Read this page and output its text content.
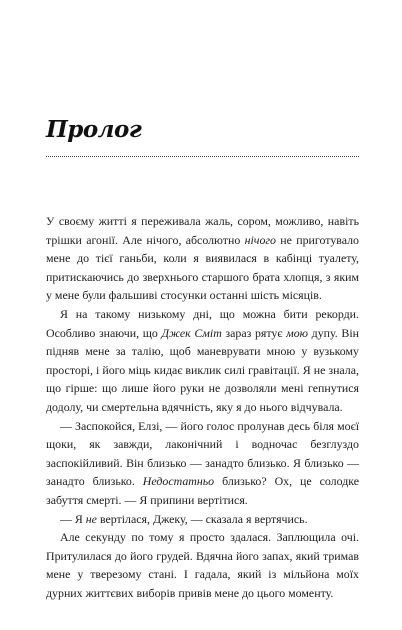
Пролог

У своєму житті я переживала жаль, сором, можливо, навіть трішки агонії. Але нічого, абсолютно нічого не приготувало мене до тієї ганьби, коли я виявилася в кабінці туалету, притискаючись до зверхнього старшого брата хлопця, з яким у мене були фальшиві стосунки останні шість місяців.

Я на такому низькому дні, що можна бити рекорди. Особливо знаючи, що Джек Сміт зараз рятує мою дупу. Він підняв мене за талію, щоб маневрувати мною у вузькому просторі, і його міць кидає виклик силі гравітації. Я не знала, що гірше: що лише його руки не дозволяли мені гепнутися додолу, чи смертельна вдячність, яку я до нього відчувала.

— Заспокойся, Елзі, — його голос пролунав десь біля моєї щоки, як завжди, лаконічний і водночас безглуздо заспокійливий. Він близько — занадто близько. Я близько — занадто близько. Недостатньо близько? Ох, це солодке забуття смерті. — Я припини вертітися.

— Я не вертілася, Джеку, — сказала я вертячись.

Але секунду по тому я просто здалася. Заплющила очі. Притулилася до його грудей. Вдячна його запах, який тримав мене у тверезому стані. І гадала, який із мільйона моїх дурних життєвих виборів привів мене до цього моменту.
